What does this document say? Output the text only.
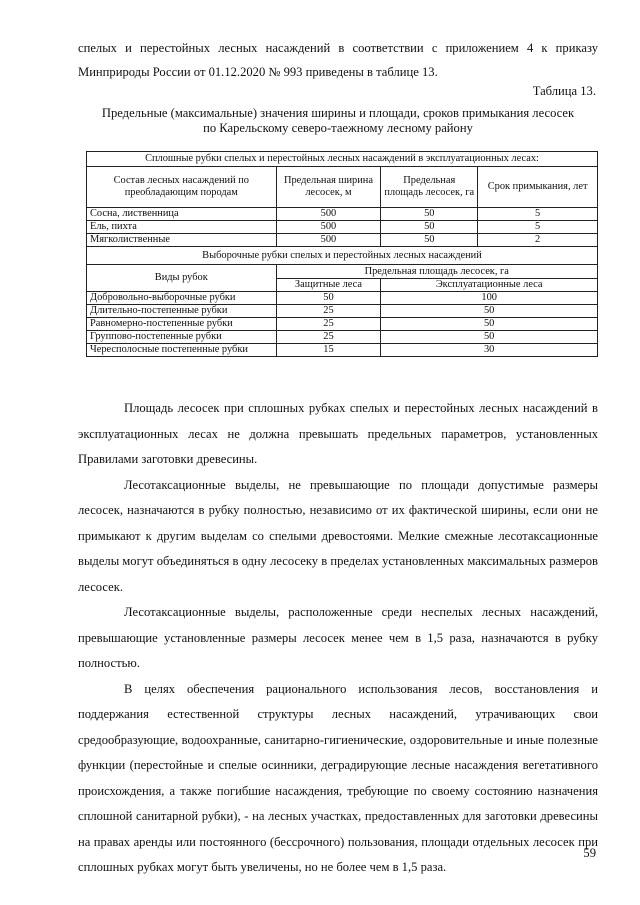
спелых и перестойных лесных насаждений в соответствии с приложением 4 к приказу
Минприроды России от 01.12.2020 № 993 приведены в таблице 13.
Таблица 13.
Предельные (максимальные) значения ширины и площади, сроков примыкания лесосек
по Карельскому северо-таежному лесному району
Сплошные рубки спелых и перестойных лесных насаждений в эксплуатационных лесах:			
Состав лесных насаждений по преобладающим породам	Предельная ширина лесосек, м	Предельная площадь лесосек, га	Срок примыкания, лет
Сосна, лиственница	500	50	5
Ель, пихта	500	50	5
Мягколиственные	500	50	2
Выборочные рубки спелых и перестойных лесных насаждений			
Виды рубок	Предельная площадь лесосек, га		
	Защитные леса	Эксплуатационные леса	
Добровольно-выборочные рубки	50	100	
Длительно-постепенные рубки	25	50	
Равномерно-постепенные рубки	25	50	
Группово-постепенные рубки	25	50	
Чересполосные постепенные рубки	15	30	

Площадь лесосек при сплошных рубках спелых и перестойных лесных насаждений в эксплуатационных лесах не должна превышать предельных параметров, установленных Правилами заготовки древесины.

Лесотаксационные выделы, не превышающие по площади допустимые размеры лесосек, назначаются в рубку полностью, независимо от их фактической ширины, если они не примыкают к другим выделам со спелыми древостоями. Мелкие смежные лесотаксационные выделы могут объединяться в одну лесосеку в пределах установленных максимальных размеров лесосек.

Лесотаксационные выделы, расположенные среди неспелых лесных насаждений, превышающие установленные размеры лесосек менее чем в 1,5 раза, назначаются в рубку полностью.

В целях обеспечения рационального использования лесов, восстановления и поддержания естественной структуры лесных насаждений, утрачивающих свои средообразующие, водоохранные, санитарно-гигиенические, оздоровительные и иные полезные функции (перестойные и спелые осинники, деградирующие лесные насаждения вегетативного происхождения, а также погибшие насаждения, требующие по своему состоянию назначения сплошной санитарной рубки), - на лесных участках, предоставленных для заготовки древесины на правах аренды или постоянного (бессрочного) пользования, площади отдельных лесосек при сплошных рубках могут быть увеличены, но не более чем в 1,5 раза.

59
